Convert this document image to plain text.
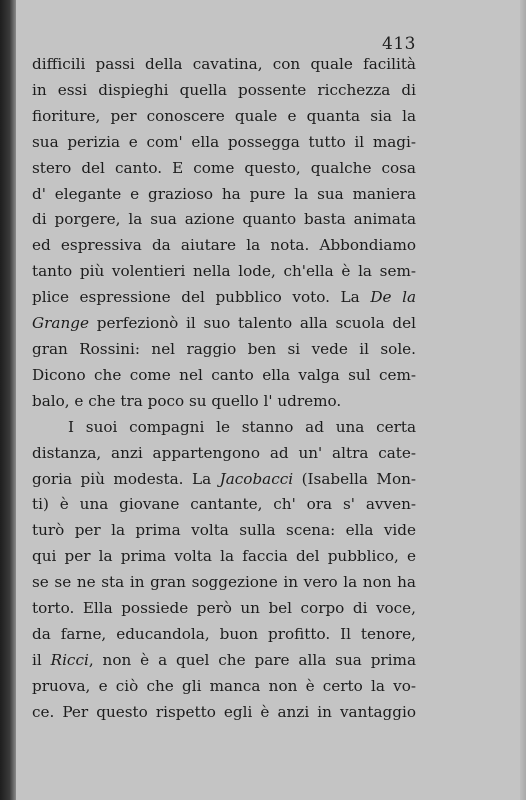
413
difficili passi della cavatina, con quale facilità
in essi dispieghi quella possente ricchezza di
fioriture, per conoscere quale e quanta sia la
sua perizia e com' ella possegga tutto il magi-
stero del canto. E come questo, qualche cosa
d' elegante e grazioso ha pure la sua maniera
di porgere, la sua azione quanto basta animata
ed espressiva da aiutare la nota. Abbondiamo
tanto più volentieri nella lode, ch'ella è la sem-
plice espressione del pubblico voto. La De la
Grange perfezionò il suo talento alla scuola del
gran Rossini: nel raggio ben si vede il sole.
Dicono che come nel canto ella valga sul cem-
balo, e che tra poco su quello l' udremo.
I suoi compagni le stanno ad una certa
distanza, anzi appartengono ad un' altra cate-
goria più modesta. La Jacobacci (Isabella Mon-
ti) è una giovane cantante, ch' ora s' avven-
turò per la prima volta sulla scena: ella vide
qui per la prima volta la faccia del pubblico, e
se se ne sta in gran soggezione in vero la non ha
torto. Ella possiede però un bel corpo di voce,
da farne, educandola, buon profitto. Il tenore,
il Ricci, non è a quel che pare alla sua prima
pruova, e ciò che gli manca non è certo la vo-
ce. Per questo rispetto egli è anzi in vantaggio
